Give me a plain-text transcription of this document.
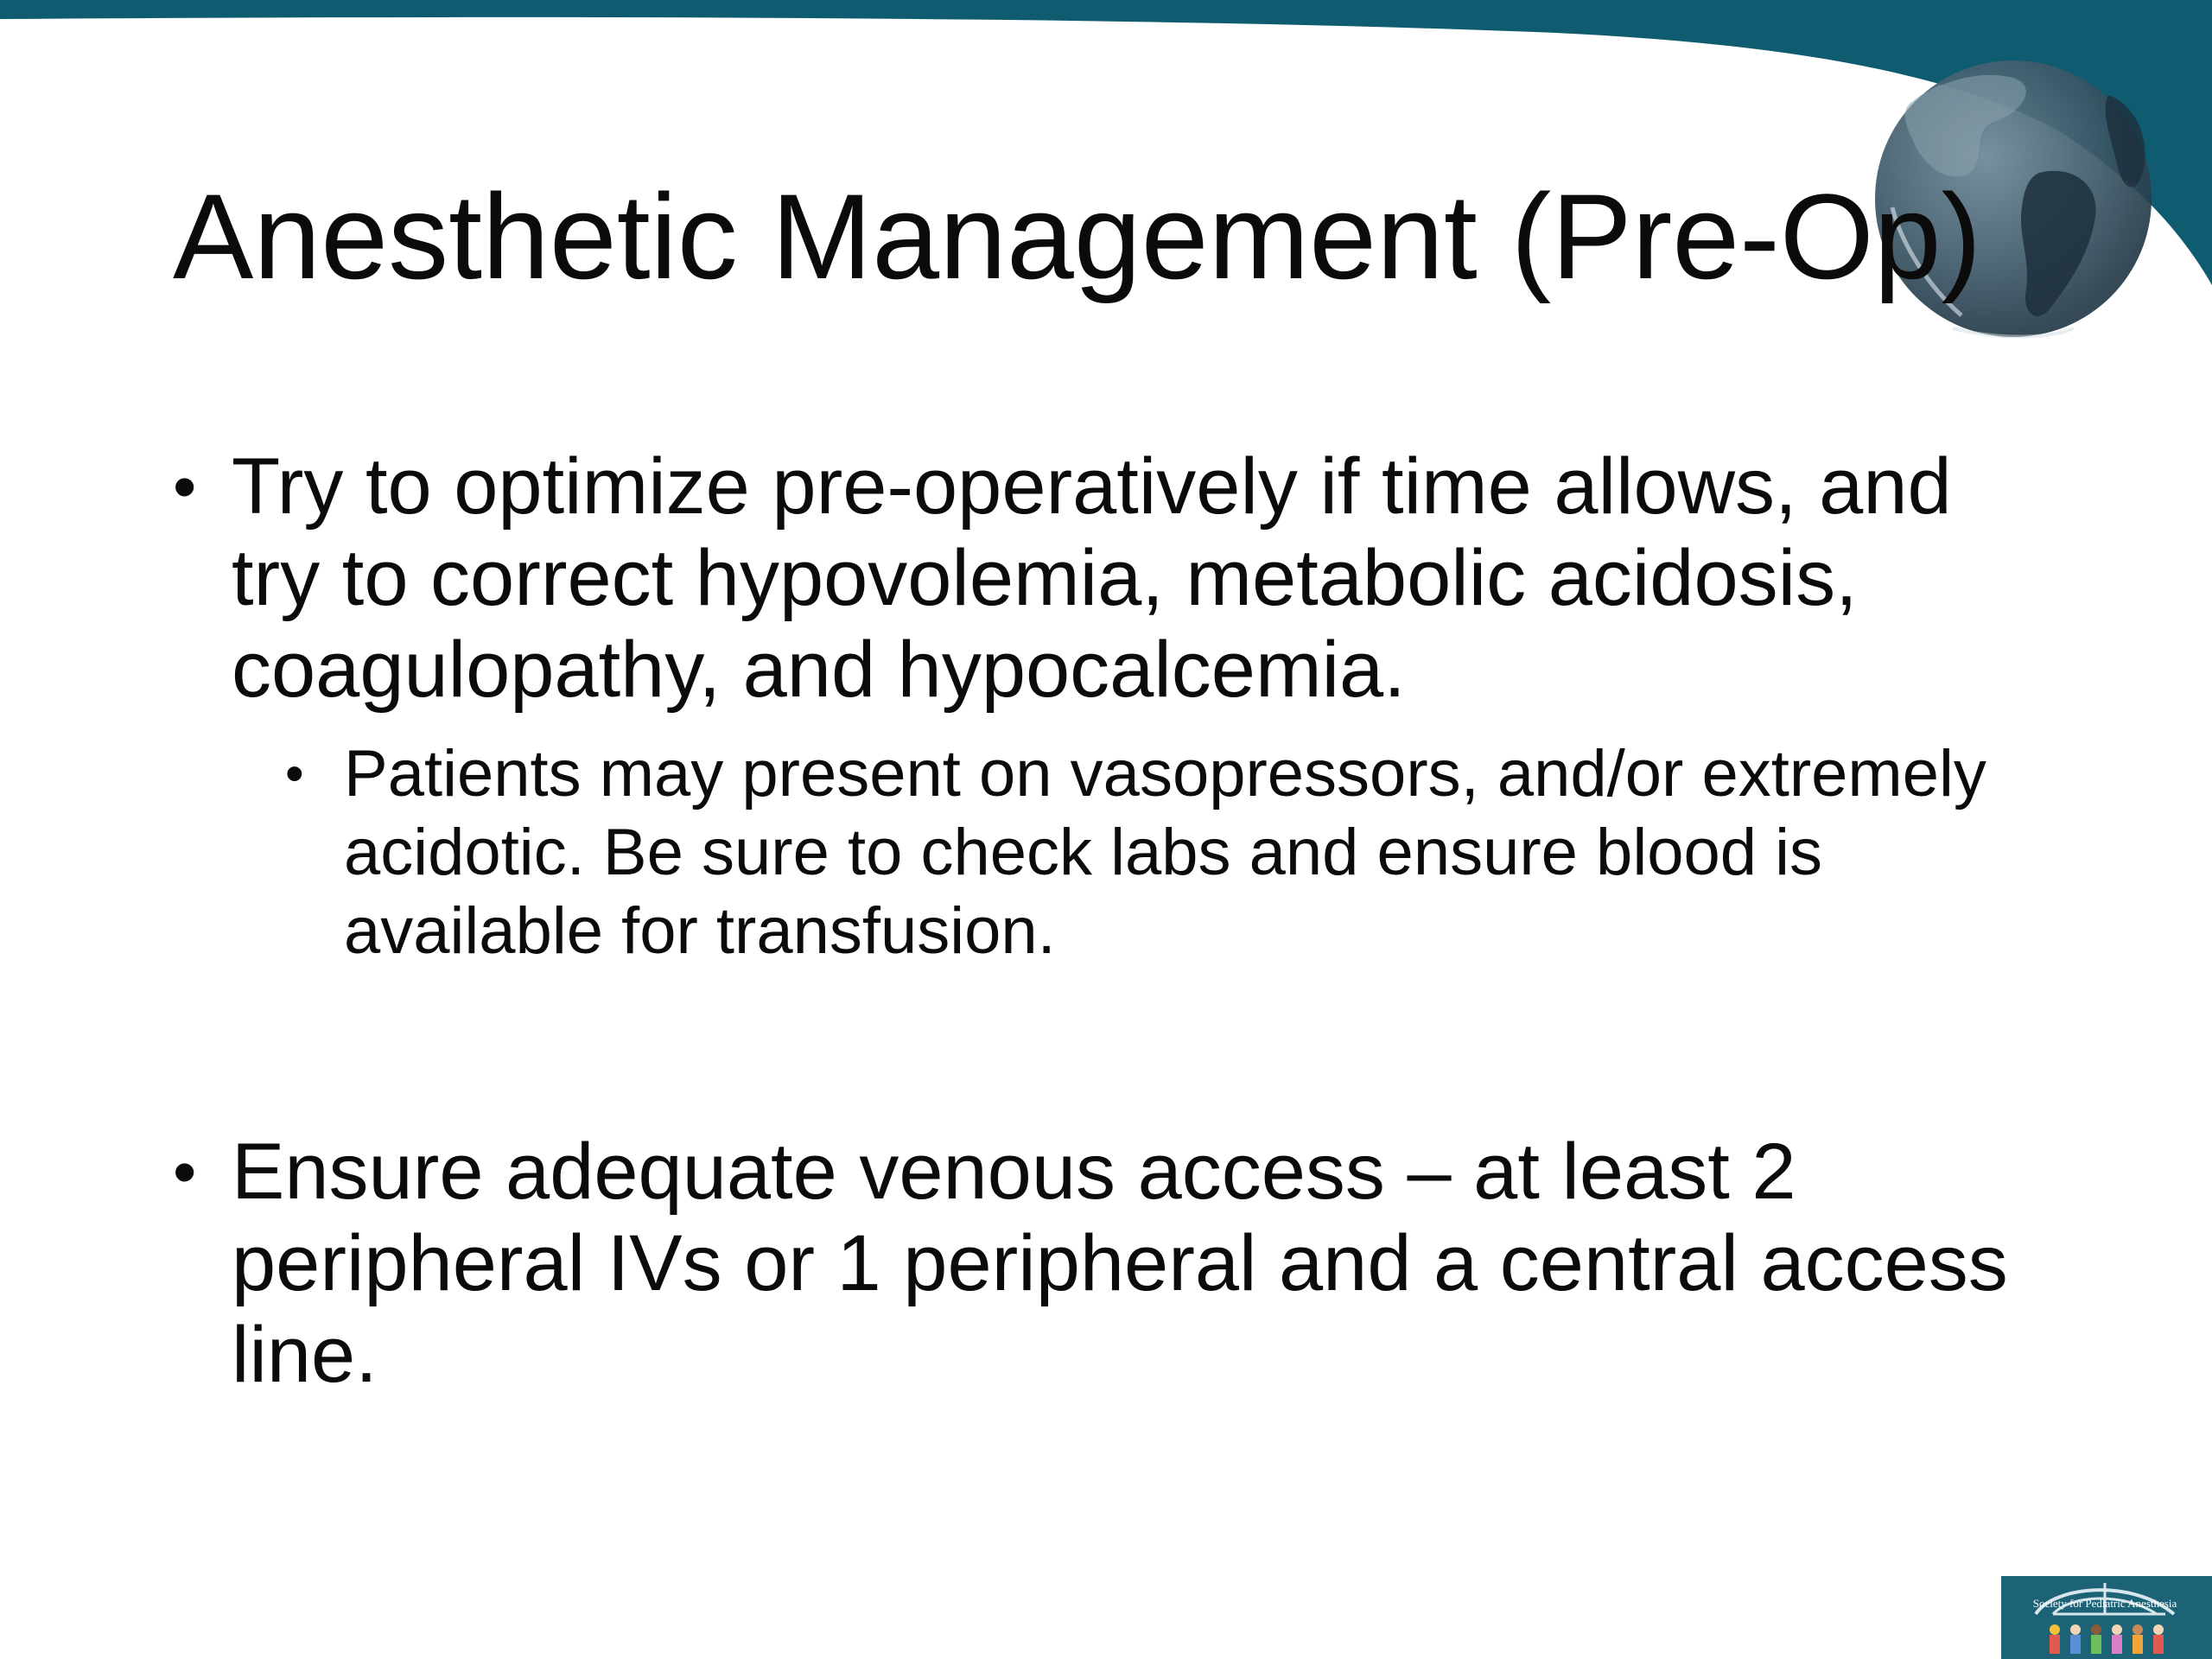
Anesthetic Management (Pre-Op)
• Try to optimize pre-operatively if time allows, and try to correct hypovolemia, metabolic acidosis, coagulopathy, and hypocalcemia.
• Patients may present on vasopressors, and/or extremely acidotic. Be sure to check labs and ensure blood is available for transfusion.
• Ensure adequate venous access – at least 2 peripheral IVs or 1 peripheral and a central access line.
Society for Pediatric Anesthesia
